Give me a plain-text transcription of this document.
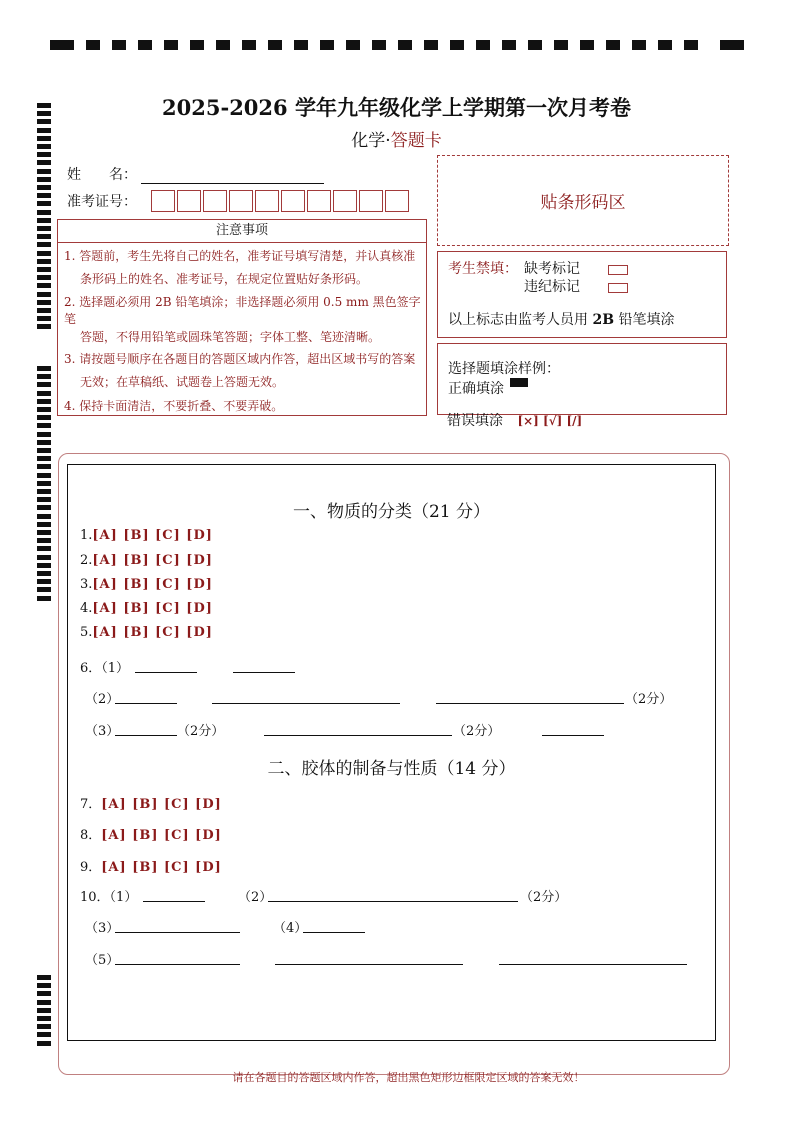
2025-2026 学年九年级化学上学期第一次月考卷
化学·答题卡
姓　　名：
准考证号：	贴条形码区
注意事项
1. 答题前，考生先将自己的姓名，准考证号填写清楚，并认真核准
条形码上的姓名、准考证号，在规定位置贴好条形码。
2. 选择题必须用 2B 铅笔填涂；非选择题必须用 0.5 mm 黑色签字笔
答题，不得用铅笔或圆珠笔答题；字体工整、笔迹清晰。
3. 请按题号顺序在各题目的答题区域内作答，超出区域书写的答案
无效；在草稿纸、试题卷上答题无效。
4. 保持卡面清洁，不要折叠、不要弄破。
考生禁填： 缺考标记
违纪标记
以上标志由监考人员用 2B 铅笔填涂
选择题填涂样例：
正确填涂
错误填涂 [×] [√] [/]
一、物质的分类（21 分）
1.[A] [B] [C] [D]
2.[A] [B] [C] [D]
3.[A] [B] [C] [D]
4.[A] [B] [C] [D]
5.[A] [B] [C] [D]
6．（1）
（2）	（2分）
（3）	（2分）	（2分）
二、胶体的制备与性质（14 分）
7．[A] [B] [C] [D]
8．[A] [B] [C] [D]
9．[A] [B] [C] [D]
10．（1）	（2）	（2分）
（3）	（4）
（5）
请在各题目的答题区域内作答，超出黑色矩形边框限定区域的答案无效！
